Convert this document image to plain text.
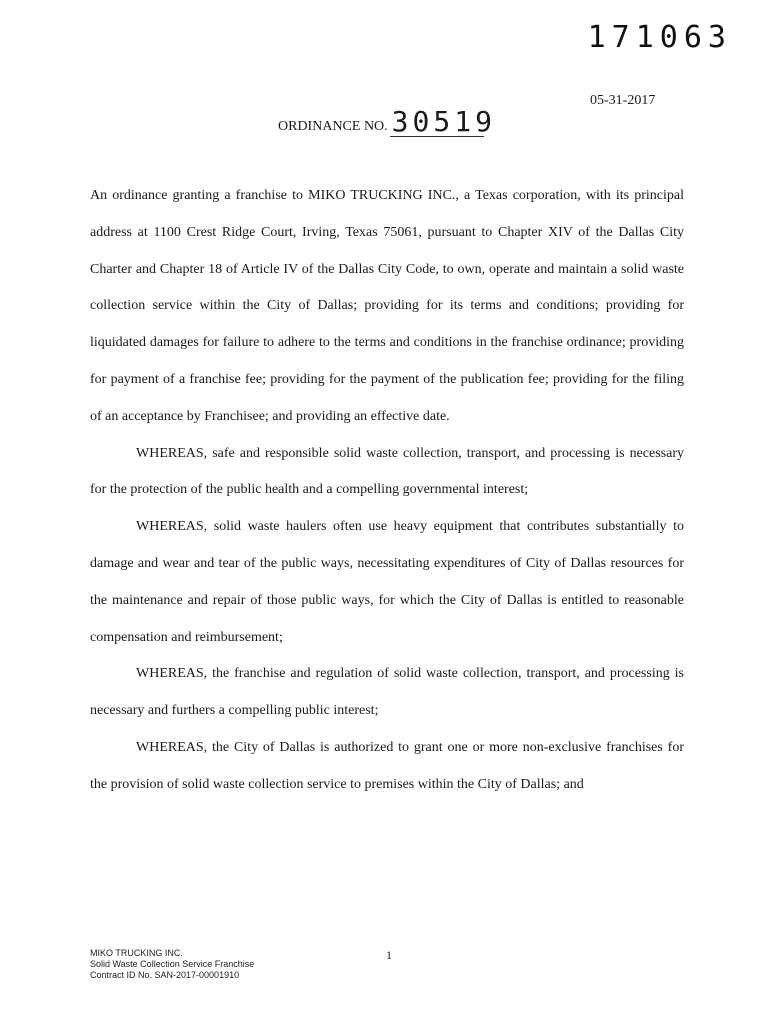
171063
05-31-2017
ORDINANCE NO. 30519

An ordinance granting a franchise to MIKO TRUCKING INC., a Texas corporation, with its principal address at 1100 Crest Ridge Court, Irving, Texas 75061, pursuant to Chapter XIV of the Dallas City Charter and Chapter 18 of Article IV of the Dallas City Code, to own, operate and maintain a solid waste collection service within the City of Dallas; providing for its terms and conditions; providing for liquidated damages for failure to adhere to the terms and conditions in the franchise ordinance; providing for payment of a franchise fee; providing for the payment of the publication fee; providing for the filing of an acceptance by Franchisee; and providing an effective date.

WHEREAS, safe and responsible solid waste collection, transport, and processing is necessary for the protection of the public health and a compelling governmental interest;

WHEREAS, solid waste haulers often use heavy equipment that contributes substantially to damage and wear and tear of the public ways, necessitating expenditures of City of Dallas resources for the maintenance and repair of those public ways, for which the City of Dallas is entitled to reasonable compensation and reimbursement;

WHEREAS, the franchise and regulation of solid waste collection, transport, and processing is necessary and furthers a compelling public interest;

WHEREAS, the City of Dallas is authorized to grant one or more non-exclusive franchises for the provision of solid waste collection service to premises within the City of Dallas; and

1
MIKO TRUCKING INC.
Solid Waste Collection Service Franchise
Contract ID No. SAN-2017-00001910
